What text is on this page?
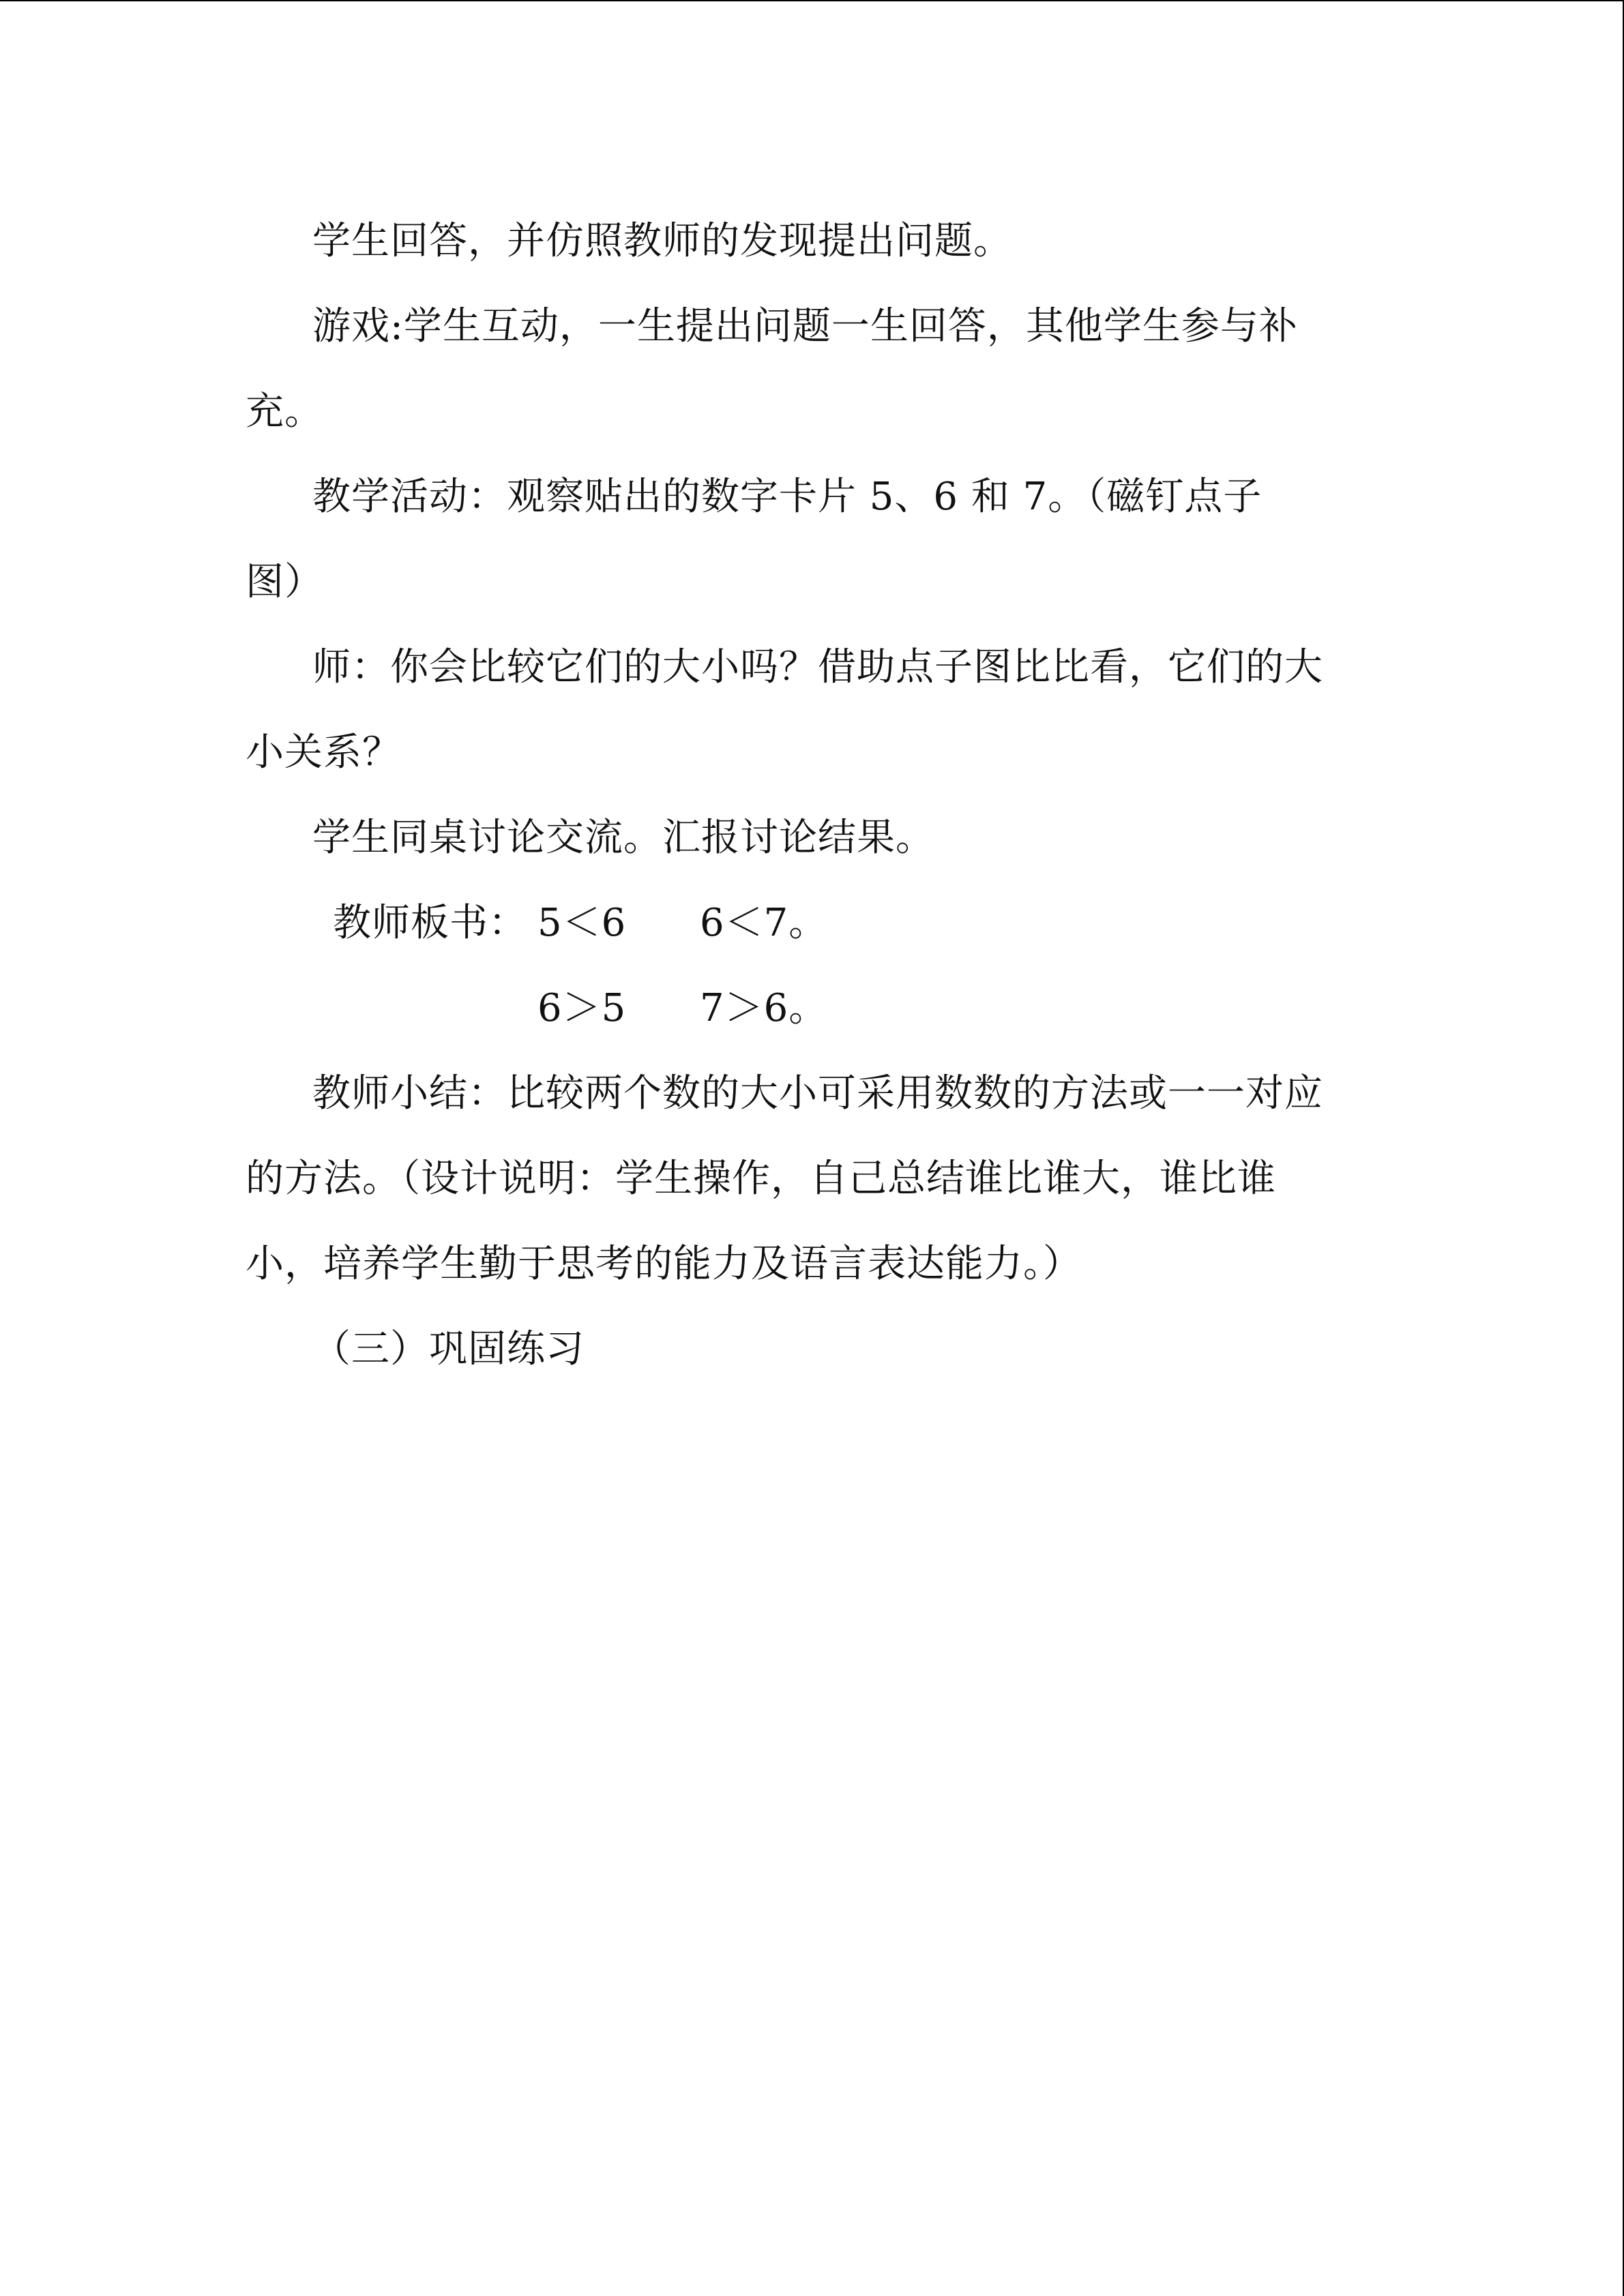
学生回答，并仿照教师的发现提出问题。
游戏:学生互动，一生提出问题一生回答，其他学生参与补
充。
教学活动：观察贴出的数字卡片 5、6 和 7。（磁钉点子
图）
师：你会比较它们的大小吗？借助点子图比比看，它们的大
小关系？
学生同桌讨论交流。汇报讨论结果。
教师板书： 5＜6 6＜7。
6＞5 7＞6。
教师小结：比较两个数的大小可采用数数的方法或一一对应
的方法。（设计说明：学生操作，自己总结谁比谁大，谁比谁
小，培养学生勤于思考的能力及语言表达能力。）
（三）巩固练习
